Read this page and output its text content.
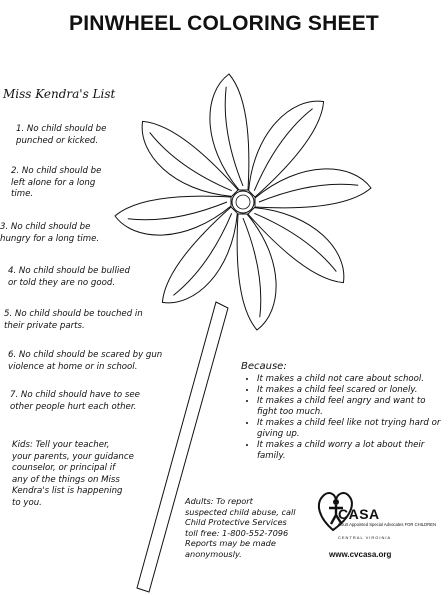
PINWHEEL COLORING SHEET
Miss Kendra's List
1. No child should be
punched or kicked.
2. No child should be
left alone for a long
time.
3. No child should be
hungry for a long time.
4. No child should be bullied
or told they are no good.
5. No child should be touched in
their private parts.
6. No child should be scared by gun
violence at home or in school.
7. No child should have to see
other people hurt each other.
Kids: Tell your teacher,
your parents, your guidance
counselor, or principal if
any of the things on Miss
Kendra's list is happening
to you.
Because:
• It makes a child not care about school.
• It makes a child feel scared or lonely.
• It makes a child feel angry and want to fight too much.
• It makes a child feel like not trying hard or giving up.
• It makes a child worry a lot about their family.
Adults: To report
suspected child abuse, call
Child Protective Services
toll free: 1-800-552-7096
Reports may be made
anonymously.
CASA
Court Appointed Special Advocates FOR CHILDREN
CENTRAL VIRGINIA
www.cvcasa.org
